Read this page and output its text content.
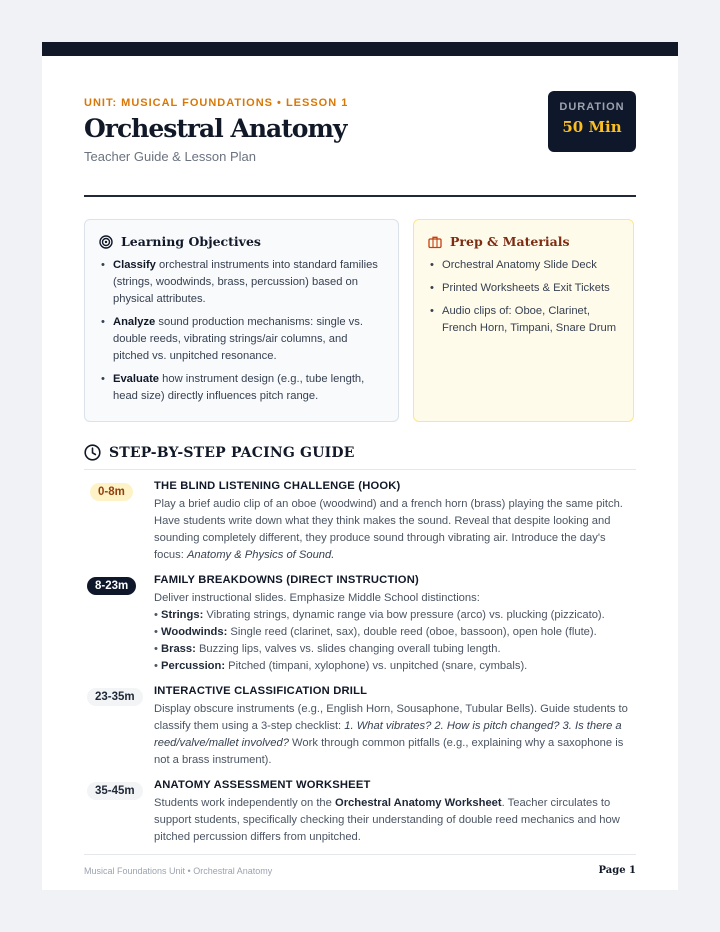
UNIT: MUSICAL FOUNDATIONS • LESSON 1
Orchestral Anatomy
Teacher Guide & Lesson Plan
DURATION
50 Min
Learning Objectives
• Classify orchestral instruments into standard families (strings, woodwinds, brass, percussion) based on physical attributes.
• Analyze sound production mechanisms: single vs. double reeds, vibrating strings/air columns, and pitched vs. unpitched resonance.
• Evaluate how instrument design (e.g., tube length, head size) directly influences pitch range.
Prep & Materials
• Orchestral Anatomy Slide Deck
• Printed Worksheets & Exit Tickets
• Audio clips of: Oboe, Clarinet, French Horn, Timpani, Snare Drum
STEP-BY-STEP PACING GUIDE
0-8m	THE BLIND LISTENING CHALLENGE (HOOK)
Play a brief audio clip of an oboe (woodwind) and a french horn (brass) playing the same pitch. Have students write down what they think makes the sound. Reveal that despite looking and sounding completely different, they produce sound through vibrating air. Introduce the day's focus: Anatomy & Physics of Sound.
8-23m	FAMILY BREAKDOWNS (DIRECT INSTRUCTION)
Deliver instructional slides. Emphasize Middle School distinctions:
• Strings: Vibrating strings, dynamic range via bow pressure (arco) vs. plucking (pizzicato).
• Woodwinds: Single reed (clarinet, sax), double reed (oboe, bassoon), open hole (flute).
• Brass: Buzzing lips, valves vs. slides changing overall tubing length.
• Percussion: Pitched (timpani, xylophone) vs. unpitched (snare, cymbals).
23-35m	INTERACTIVE CLASSIFICATION DRILL
Display obscure instruments (e.g., English Horn, Sousaphone, Tubular Bells). Guide students to classify them using a 3-step checklist: 1. What vibrates? 2. How is pitch changed? 3. Is there a reed/valve/mallet involved? Work through common pitfalls (e.g., explaining why a saxophone is not a brass instrument).
35-45m	ANATOMY ASSESSMENT WORKSHEET
Students work independently on the Orchestral Anatomy Worksheet. Teacher circulates to support students, specifically checking their understanding of double reed mechanics and how pitched percussion differs from unpitched.
Musical Foundations Unit • Orchestral Anatomy	Page 1
